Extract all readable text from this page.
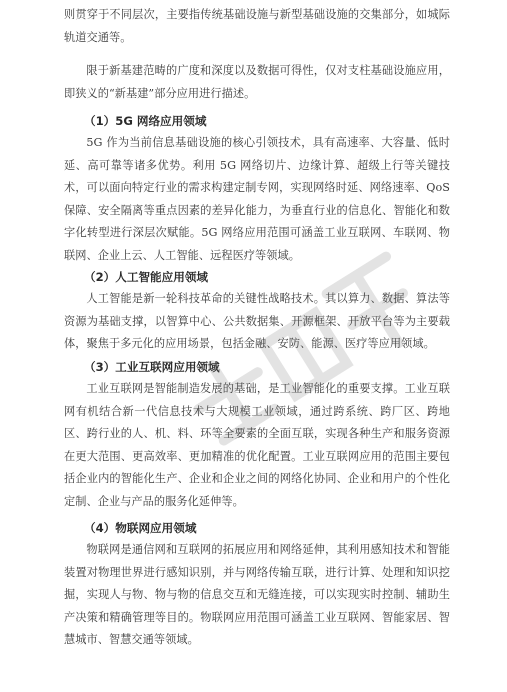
则贯穿于不同层次，主要指传统基础设施与新型基础设施的交集部分，如城际轨道交通等。

限于新基建范畴的广度和深度以及数据可得性，仅对支柱基础设施应用，即狭义的“新基建”部分应用进行描述。

（1）5G 网络应用领域

5G 作为当前信息基础设施的核心引领技术，具有高速率、大容量、低时延、高可靠等诸多优势。利用 5G 网络切片、边缘计算、超级上行等关键技术，可以面向特定行业的需求构建定制专网，实现网络时延、网络速率、QoS 保障、安全隔离等重点因素的差异化能力，为垂直行业的信息化、智能化和数字化转型进行深层次赋能。5G 网络应用范围可涵盖工业互联网、车联网、物联网、企业上云、人工智能、远程医疗等领域。

（2）人工智能应用领域

人工智能是新一轮科技革命的关键性战略技术。其以算力、数据、算法等资源为基础支撑，以智算中心、公共数据集、开源框架、开放平台等为主要载体，聚焦于多元化的应用场景，包括金融、安防、能源、医疗等应用领域。

（3）工业互联网应用领域

工业互联网是智能制造发展的基础，是工业智能化的重要支撑。工业互联网有机结合新一代信息技术与大规模工业领域，通过跨系统、跨厂区、跨地区、跨行业的人、机、料、环等全要素的全面互联，实现各种生产和服务资源在更大范围、更高效率、更加精准的优化配置。工业互联网应用的范围主要包括企业内的智能化生产、企业和企业之间的网络化协同、企业和用户的个性化定制、企业与产品的服务化延伸等。

（4）物联网应用领域

物联网是通信网和互联网的拓展应用和网络延伸，其利用感知技术和智能装置对物理世界进行感知识别，并与网络传输互联，进行计算、处理和知识挖掘，实现人与物、物与物的信息交互和无缝连接，可以实现实时控制、辅助生产决策和精确管理等目的。物联网应用范围可涵盖工业互联网、智能家居、智慧城市、智慧交通等领域。
